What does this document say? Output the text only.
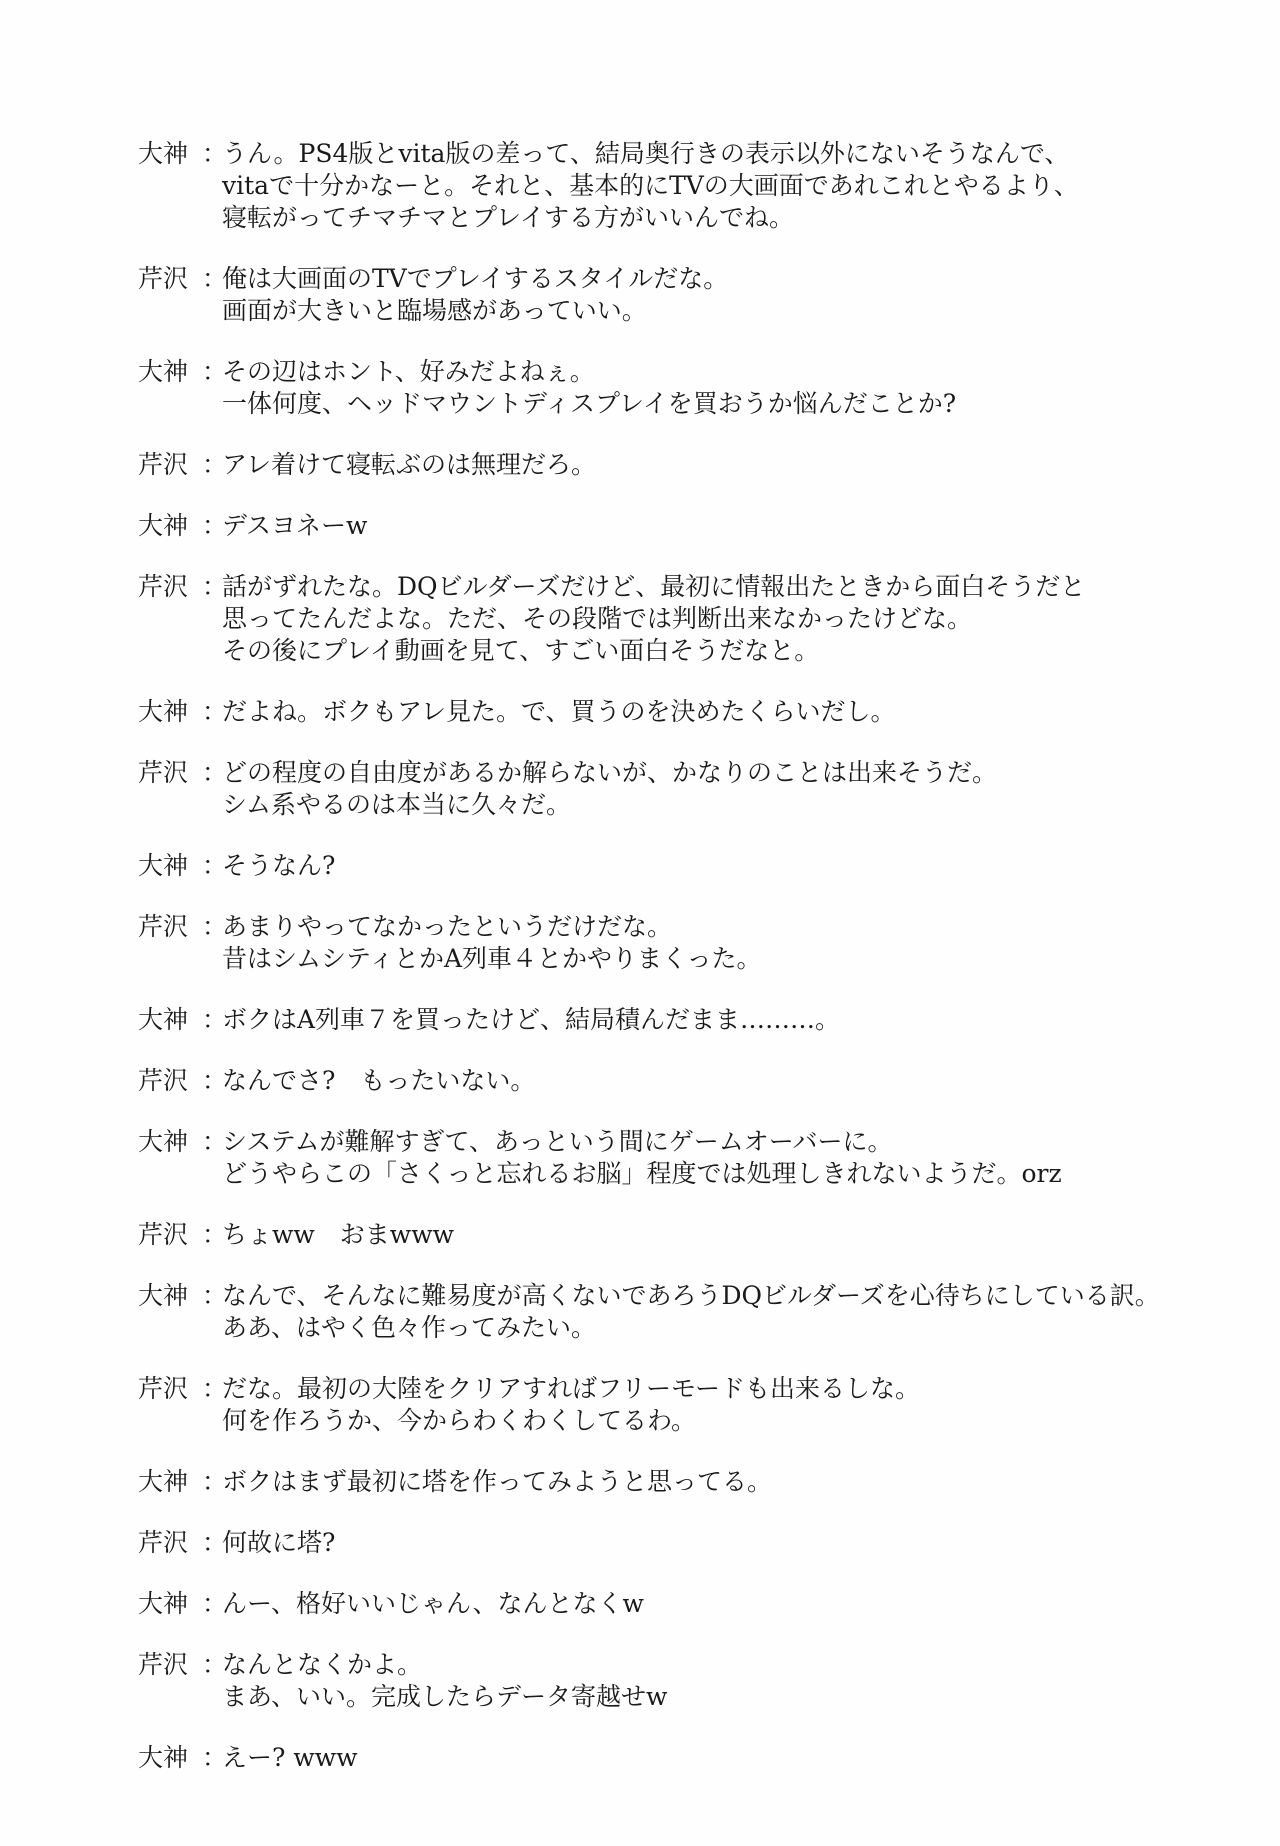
大神 ：
うん。PS4版とvita版の差って、結局奥行きの表示以外にないそうなんで、
vitaで十分かなーと。それと、基本的にTVの大画面であれこれとやるより、
寝転がってチマチマとプレイする方がいいんでね。
芹沢 ：
俺は大画面のTVでプレイするスタイルだな。
画面が大きいと臨場感があっていい。
大神 ：
その辺はホント、好みだよねぇ。
一体何度、ヘッドマウントディスプレイを買おうか悩んだことか?
芹沢 ：
アレ着けて寝転ぶのは無理だろ。
大神 ：
デスヨネーw
芹沢 ：
話がずれたな。DQビルダーズだけど、最初に情報出たときから面白そうだと
思ってたんだよな。ただ、その段階では判断出来なかったけどな。
その後にプレイ動画を見て、すごい面白そうだなと。
大神 ：
だよね。ボクもアレ見た。で、買うのを決めたくらいだし。
芹沢 ：
どの程度の自由度があるか解らないが、かなりのことは出来そうだ。
シム系やるのは本当に久々だ。
大神 ：
そうなん?
芹沢 ：
あまりやってなかったというだけだな。
昔はシムシティとかA列車４とかやりまくった。
大神 ：
ボクはA列車７を買ったけど、結局積んだまま………。
芹沢 ：
なんでさ?　もったいない。
大神 ：
システムが難解すぎて、あっという間にゲームオーバーに。
どうやらこの「さくっと忘れるお脳」程度では処理しきれないようだ。orz
芹沢 ：
ちょww　おまwww
大神 ：
なんで、そんなに難易度が高くないであろうDQビルダーズを心待ちにしている訳。
ああ、はやく色々作ってみたい。
芹沢 ：
だな。最初の大陸をクリアすればフリーモードも出来るしな。
何を作ろうか、今からわくわくしてるわ。
大神 ：
ボクはまず最初に塔を作ってみようと思ってる。
芹沢 ：
何故に塔?
大神 ：
んー、格好いいじゃん、なんとなくw
芹沢 ：
なんとなくかよ。
まあ、いい。完成したらデータ寄越せw
大神 ：
えー? www
